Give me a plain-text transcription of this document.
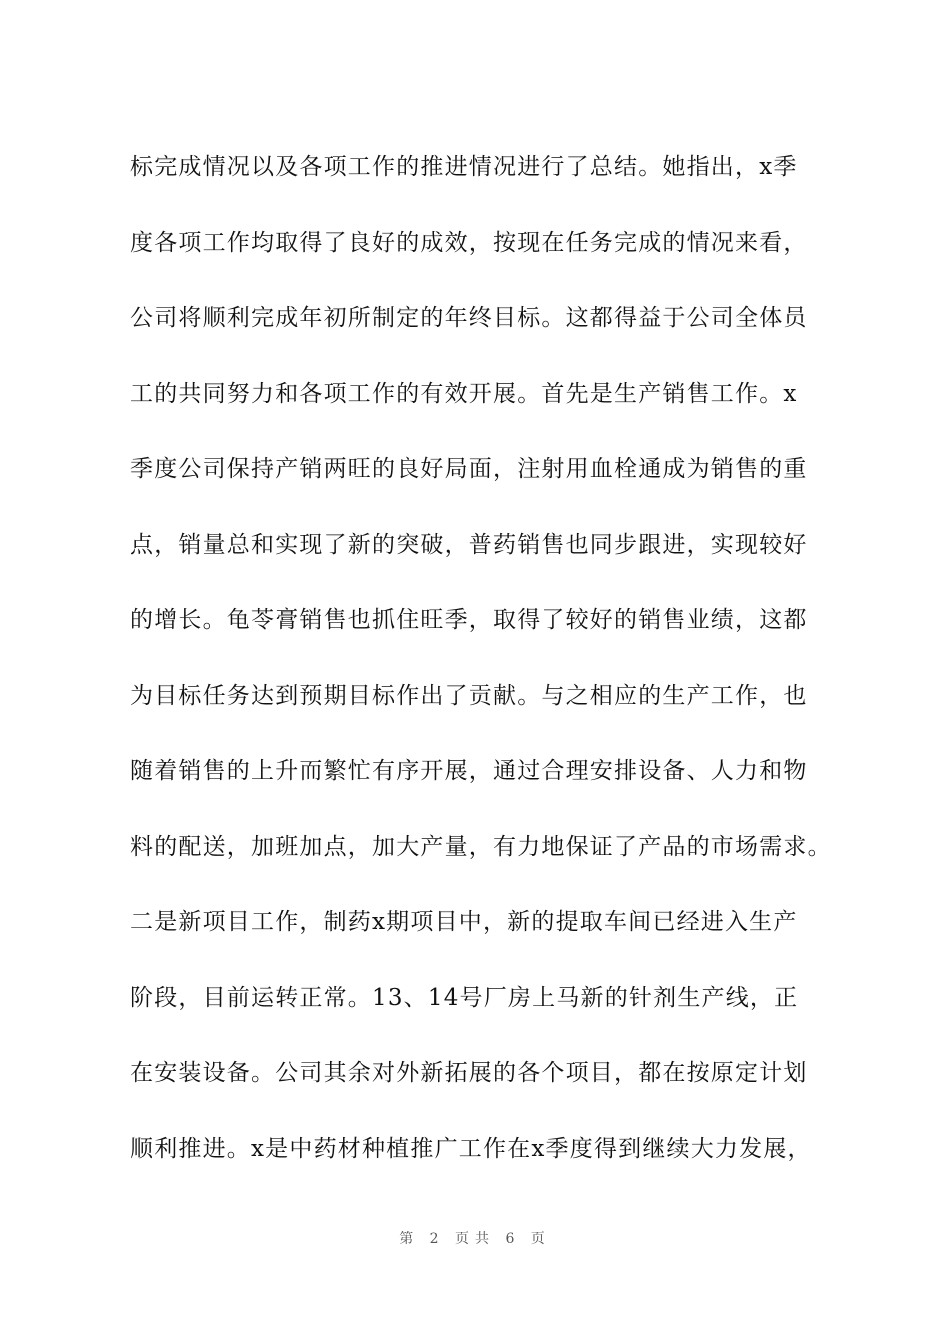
标完成情况以及各项工作的推进情况进行了总结。她指出，x季
度各项工作均取得了良好的成效，按现在任务完成的情况来看，
公司将顺利完成年初所制定的年终目标。这都得益于公司全体员
工的共同努力和各项工作的有效开展。首先是生产销售工作。x
季度公司保持产销两旺的良好局面，注射用血栓通成为销售的重
点，销量总和实现了新的突破，普药销售也同步跟进，实现较好
的增长。龟苓膏销售也抓住旺季，取得了较好的销售业绩，这都
为目标任务达到预期目标作出了贡献。与之相应的生产工作，也
随着销售的上升而繁忙有序开展，通过合理安排设备、人力和物
料的配送，加班加点，加大产量，有力地保证了产品的市场需求。
二是新项目工作，制药x期项目中，新的提取车间已经进入生产
阶段，目前运转正常。13、14号厂房上马新的针剂生产线，正
在安装设备。公司其余对外新拓展的各个项目，都在按原定计划
顺利推进。x是中药材种植推广工作在x季度得到继续大力发展，
第 2 页共 6 页
